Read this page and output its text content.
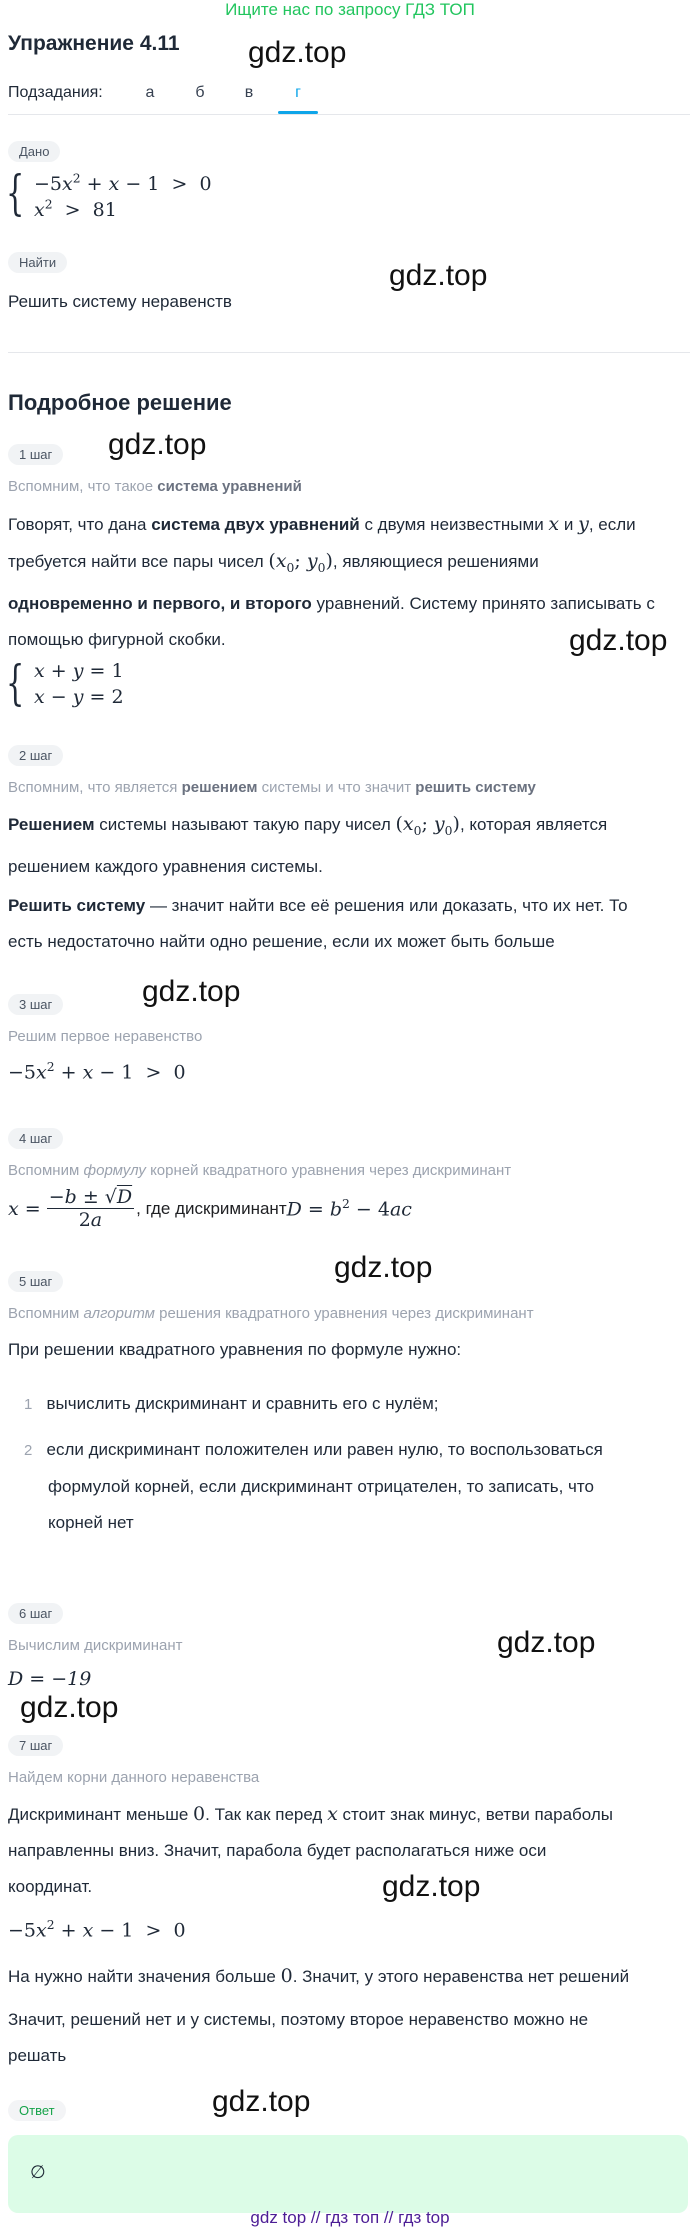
Ищите нас по запросу ГДЗ ТОП
Упражнение 4.11
Подзадания:	а	б	в	г
Дано
{ $-5x^2 + x - 1 > 0$
$x^2 > 81$
Найти
Решить систему неравенств
Подробное решение
1 шаг
Вспомним, что такое система уравнений
Говорят, что дана система двух уравнений с двумя неизвестными x и y, если
требуется найти все пары чисел ($x_0$; $y_0$), являющиеся решениями
одновременно и первого, и второго уравнений. Систему принято записывать с
помощью фигурной скобки.
{ x + y = 1
x − y = 2
2 шаг
Вспомним, что является решением системы и что значит решить систему
Решением системы называют такую пару чисел ($x_0$; $y_0$), которая является
решением каждого уравнения системы.
Решить систему — значит найти все её решения или доказать, что их нет. То
есть недостаточно найти одно решение, если их может быть больше
3 шаг
Решим первое неравенство
$-5x^2 + x - 1 > 0$
4 шаг
Вспомним формулу корней квадратного уравнения через дискриминант
$x = \frac{-b \pm √D}{2a}$ , где дискриминант $D = b^2 - 4ac$
5 шаг
Вспомним алгоритм решения квадратного уравнения через дискриминант
При решении квадратного уравнения по формуле нужно:
1 вычислить дискриминант и сравнить его с нулём;
2 если дискриминант положителен или равен нулю, то воспользоваться
формулой корней, если дискриминант отрицателен, то записать, что
корней нет
6 шаг
Вычислим дискриминант
D = −19
7 шаг
Найдем корни данного неравенства
Дискриминант меньше 0. Так как перед x стоит знак минус, ветви параболы
направленны вниз. Значит, парабола будет располагаться ниже оси
координат.
$-5x^2 + x - 1 > 0$
На нужно найти значения больше 0. Значит, у этого неравенства нет решений
Значит, решений нет и у системы, поэтому второе неравенство можно не
решать
Ответ
∅
gdz top // гдз топ // гдз top
gdz.top
gdz.top
gdz.top
gdz.top
gdz.top
gdz.top
gdz.top
gdz.top
gdz.top
gdz.top
